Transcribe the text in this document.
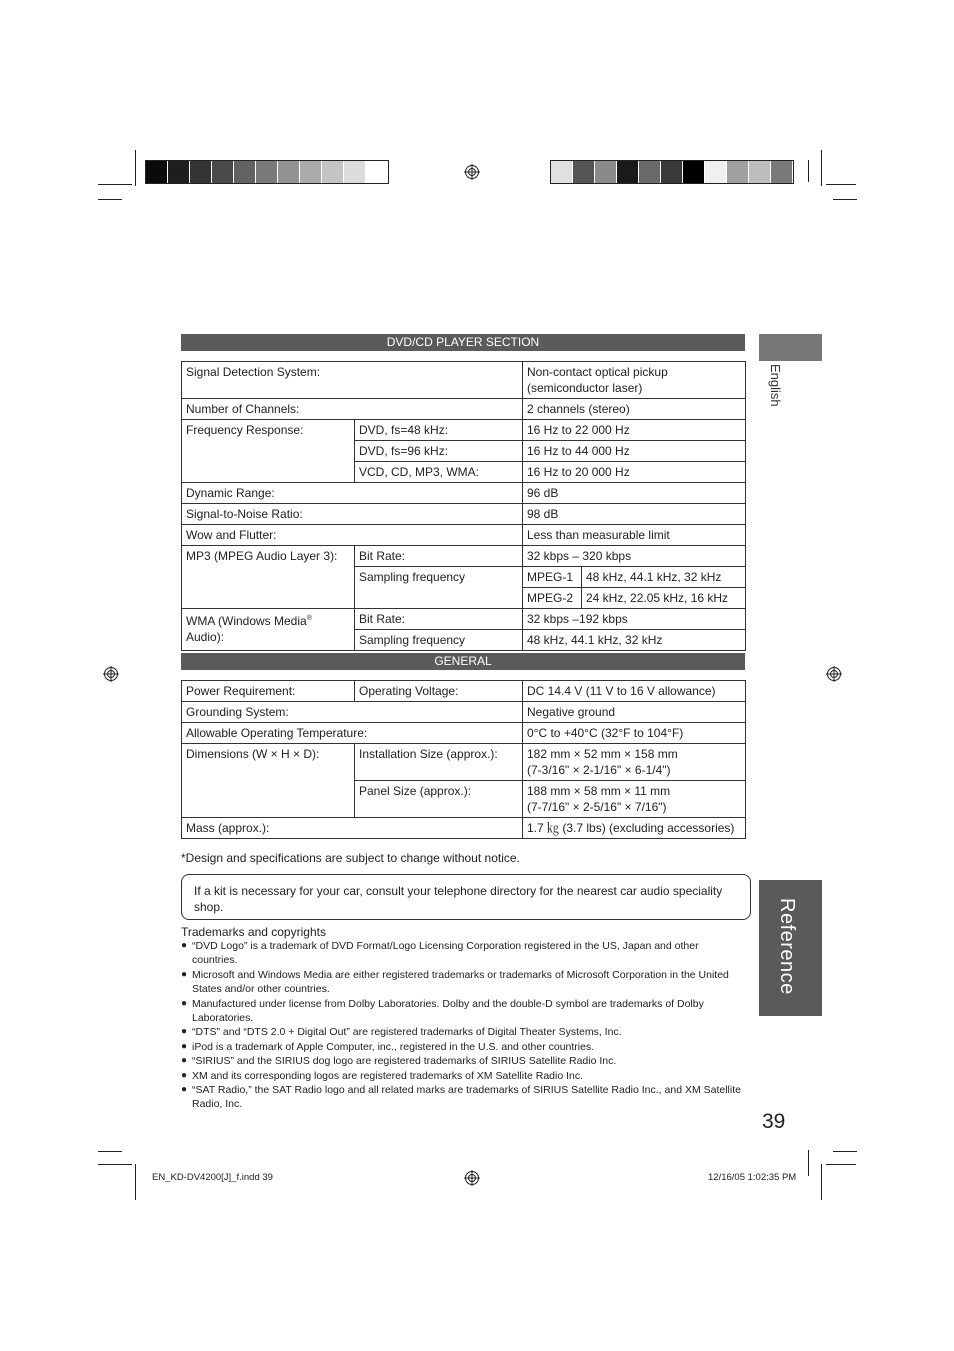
DVD/CD PLAYER SECTION
Signal Detection System:		Non-contact optical pickup (semiconductor laser)	
Number of Channels:		2 channels (stereo)	
Frequency Response:	DVD, fs=48 kHz:	16 Hz to 22 000 Hz	
	DVD, fs=96 kHz:	16 Hz to 44 000 Hz	
	VCD, CD, MP3, WMA:	16 Hz to 20 000 Hz	
Dynamic Range:		96 dB	
Signal-to-Noise Ratio:		98 dB	
Wow and Flutter:		Less than measurable limit	
MP3 (MPEG Audio Layer 3):	Bit Rate:	32 kbps – 320 kbps	
	Sampling frequency	MPEG-1	48 kHz, 44.1 kHz, 32 kHz
		MPEG-2	24 kHz, 22.05 kHz, 16 kHz
WMA (Windows Media®
Audio):	Bit Rate:	32 kbps –192 kbps	
	Sampling frequency	48 kHz, 44.1 kHz, 32 kHz	
GENERAL
Power Requirement:	Operating Voltage:	DC 14.4 V (11 V to 16 V allowance)
Grounding System:		Negative ground
Allowable Operating Temperature:		0°C to +40°C (32°F to 104°F)
Dimensions (W × H × D):	Installation Size (approx.):	182 mm × 52 mm × 158 mm
(7-3/16" × 2-1/16" × 6-1/4")
	Panel Size (approx.):	188 mm × 58 mm × 11 mm
(7-7/16" × 2-5/16" × 7/16")
Mass (approx.):		1.7 ㎏ (3.7 lbs) (excluding accessories)
*Design and specifications are subject to change without notice.
If a kit is necessary for your car, consult your telephone directory for the nearest car audio speciality shop.
Trademarks and copyrights
● “DVD Logo” is a trademark of DVD Format/Logo Licensing Corporation registered in the US, Japan and other countries.
● Microsoft and Windows Media are either registered trademarks or trademarks of Microsoft Corporation in the United States and/or other countries.
● Manufactured under license from Dolby Laboratories. Dolby and the double-D symbol are trademarks of Dolby Laboratories.
● “DTS” and “DTS 2.0 + Digital Out” are registered trademarks of Digital Theater Systems, Inc.
● iPod is a trademark of Apple Computer, inc., registered in the U.S. and other countries.
● “SIRIUS” and the SIRIUS dog logo are registered trademarks of SIRIUS Satellite Radio Inc.
● XM and its corresponding logos are registered trademarks of XM Satellite Radio Inc.
● “SAT Radio,” the SAT Radio logo and all related marks are trademarks of SIRIUS Satellite Radio Inc., and XM Satellite Radio, Inc.
English
Reference
39
EN_KD-DV4200[J]_f.indd 39	12/16/05 1:02:35 PM
